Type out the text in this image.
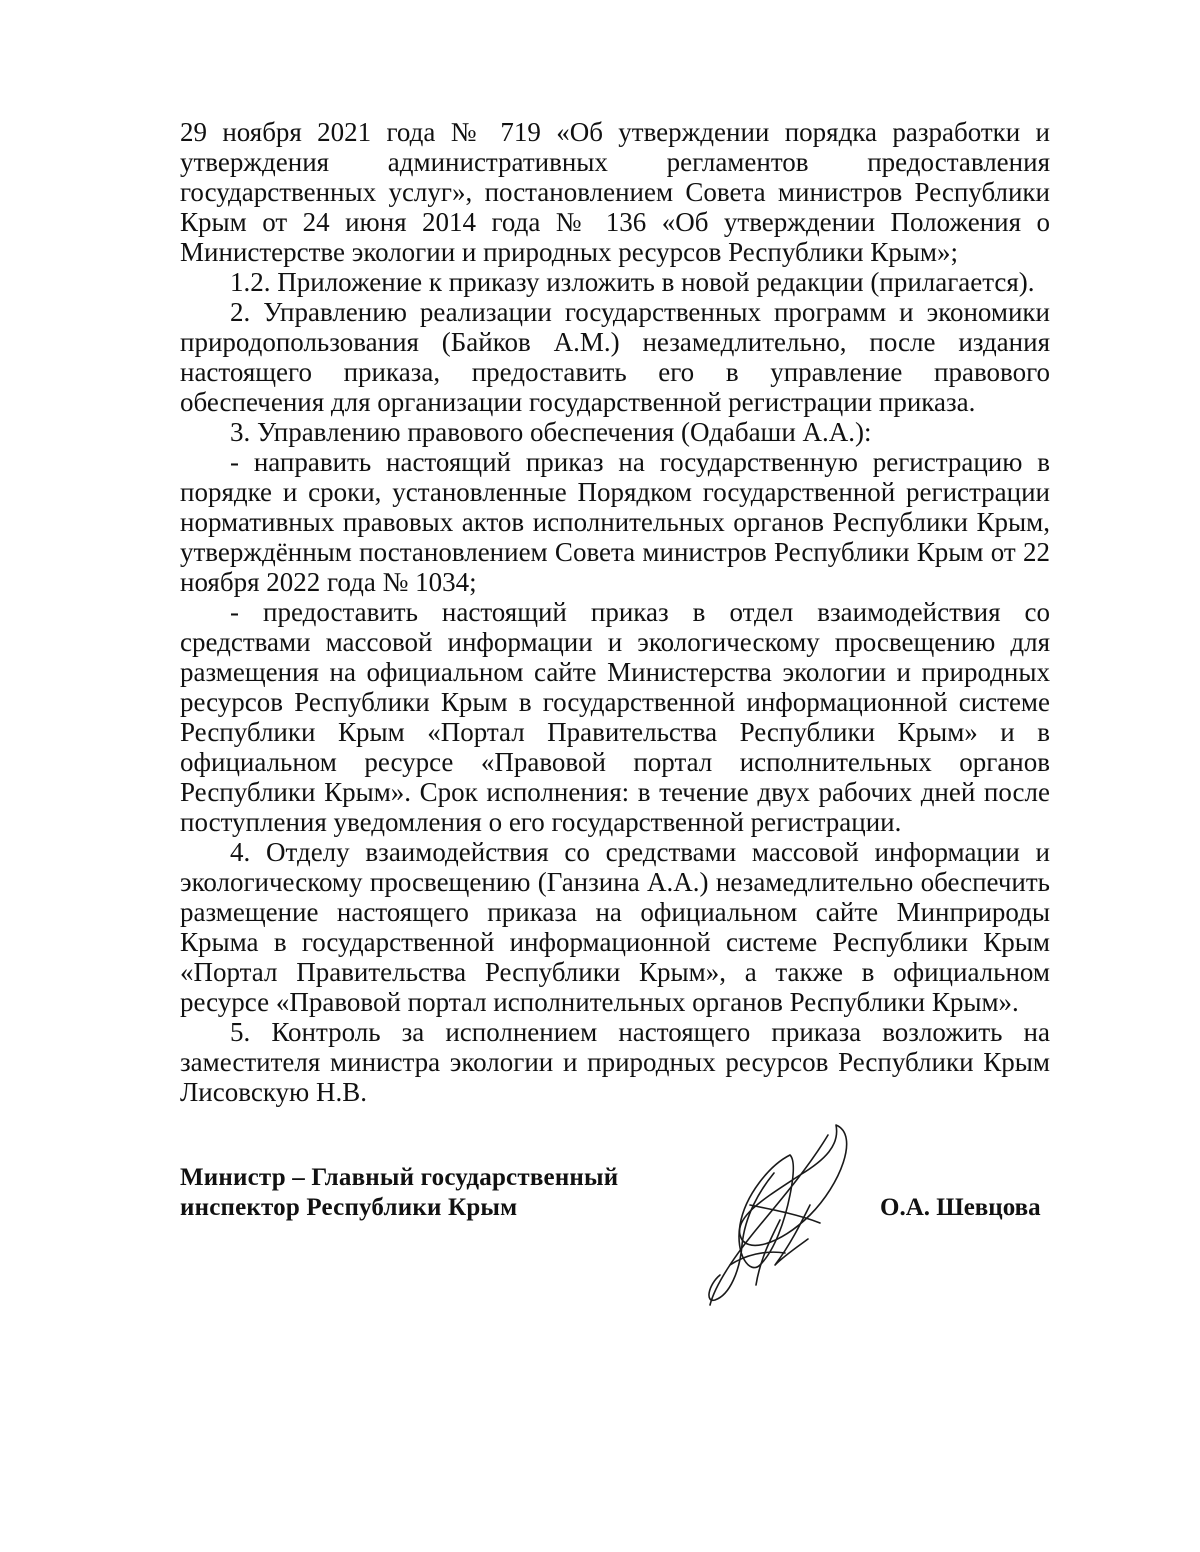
29 ноября 2021 года № 719 «Об утверждении порядка разработки и утверждения административных регламентов предоставления государственных услуг», постановлением Совета министров Республики Крым от 24 июня 2014 года № 136 «Об утверждении Положения о Министерстве экологии и природных ресурсов Республики Крым»;

1.2. Приложение к приказу изложить в новой редакции (прилагается).

2. Управлению реализации государственных программ и экономики природопользования (Байков А.М.) незамедлительно, после издания настоящего приказа, предоставить его в управление правового обеспечения для организации государственной регистрации приказа.

3. Управлению правового обеспечения (Одабаши А.А.):

- направить настоящий приказ на государственную регистрацию в порядке и сроки, установленные Порядком государственной регистрации нормативных правовых актов исполнительных органов Республики Крым, утверждённым постановлением Совета министров Республики Крым от 22 ноября 2022 года № 1034;

- предоставить настоящий приказ в отдел взаимодействия со средствами массовой информации и экологическому просвещению для размещения на официальном сайте Министерства экологии и природных ресурсов Республики Крым в государственной информационной системе Республики Крым «Портал Правительства Республики Крым» и в официальном ресурсе «Правовой портал исполнительных органов Республики Крым». Срок исполнения: в течение двух рабочих дней после поступления уведомления о его государственной регистрации.

4. Отделу взаимодействия со средствами массовой информации и экологическому просвещению (Ганзина А.А.) незамедлительно обеспечить размещение настоящего приказа на официальном сайте Минприроды Крыма в государственной информационной системе Республики Крым «Портал Правительства Республики Крым», а также в официальном ресурсе «Правовой портал исполнительных органов Республики Крым».

5. Контроль за исполнением настоящего приказа возложить на заместителя министра экологии и природных ресурсов Республики Крым Лисовскую Н.В.

Министр – Главный государственный
инспектор Республики Крым	О.А. Шевцова
